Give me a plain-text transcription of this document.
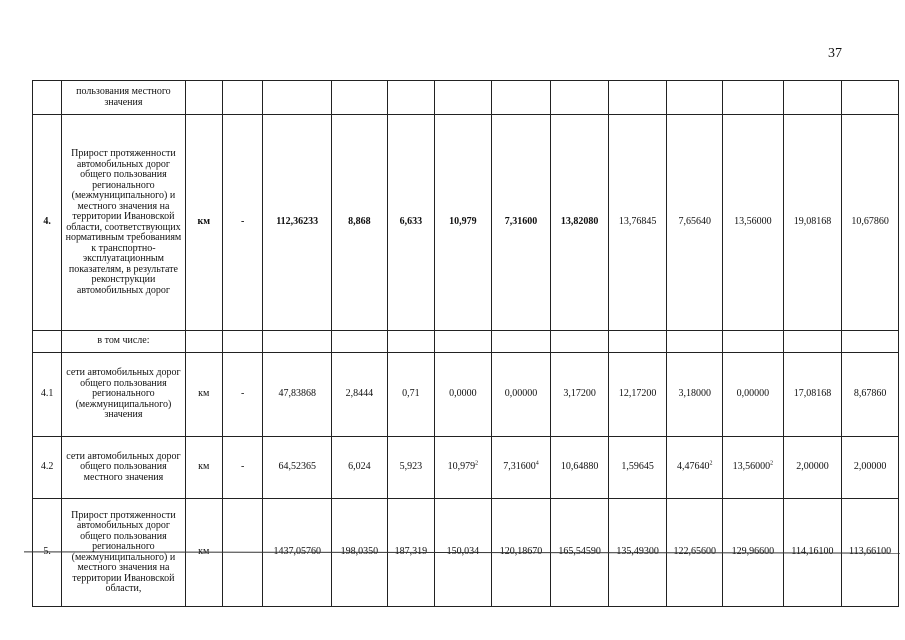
37
	пользования местного значения													
4.	Прирост протяженности автомобильных дорог общего пользования регионального (межмуниципального) и местного значения на территории Ивановской области, соответствующих нормативным требованиям к транспортно-эксплуатационным показателям, в результате реконструкции автомобильных дорог	км	-	112,36233	8,868	6,633	10,979	7,31600	13,82080	13,76845	7,65640	13,56000	19,08168	10,67860
	в том числе:													
4.1	сети автомобильных дорог общего пользования регионального (межмуниципального) значения	км	-	47,83868	2,8444	0,71	0,0000	0,00000	3,17200	12,17200	3,18000	0,00000	17,08168	8,67860
4.2	сети автомобильных дорог общего пользования местного значения	км	-	64,52365	6,024	5,923	10,979$^2$	7,31600$^4$	10,64880	1,59645	4,47640$^2$	13,56000$^2$	2,00000	2,00000
5.	Прирост протяженности автомобильных дорог общего пользования регионального (межмуниципального) и местного значения на территории Ивановской области,	км		1437,05760	198,0350	187,319	150,034	120,18670	165,54590	135,49300	122,65600	129,96600	114,16100	113,66100
